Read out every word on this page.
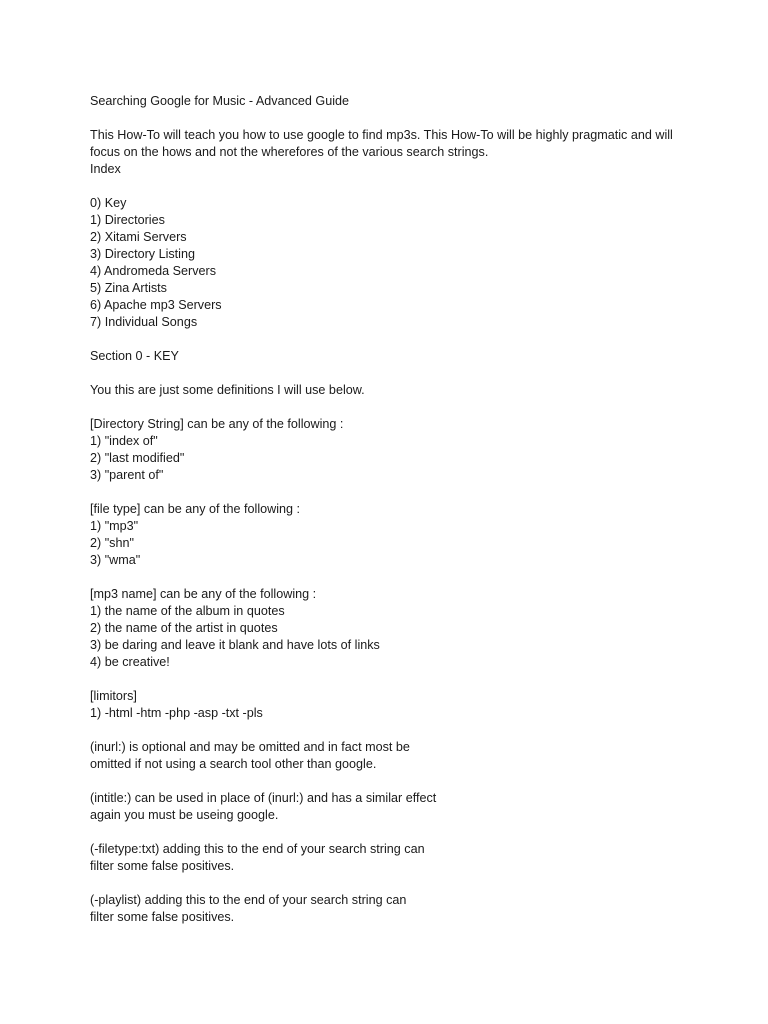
Searching Google for Music - Advanced Guide
This How-To will teach you how to use google to find mp3s. This How-To will be highly pragmatic and will
focus on the hows and not the wherefores of the various search strings.
Index
0) Key
1) Directories
2) Xitami Servers
3) Directory Listing
4) Andromeda Servers
5) Zina Artists
6) Apache mp3 Servers
7) Individual Songs
Section 0 - KEY
You this are just some definitions I will use below.
[Directory String] can be any of the following :
1) "index of"
2) "last modified"
3) "parent of"
[file type] can be any of the following :
1) "mp3"
2) "shn"
3) "wma"
[mp3 name] can be any of the following :
1) the name of the album in quotes
2) the name of the artist in quotes
3) be daring and leave it blank and have lots of links
4) be creative!
[limitors]
1) -html -htm -php -asp -txt -pls
(inurl:) is optional and may be omitted and in fact most be
omitted if not using a search tool other than google.
(intitle:) can be used in place of (inurl:) and has a similar effect
again you must be useing google.
(-filetype:txt) adding this to the end of your search string can
filter some false positives.
(-playlist) adding this to the end of your search string can
filter some false positives.
